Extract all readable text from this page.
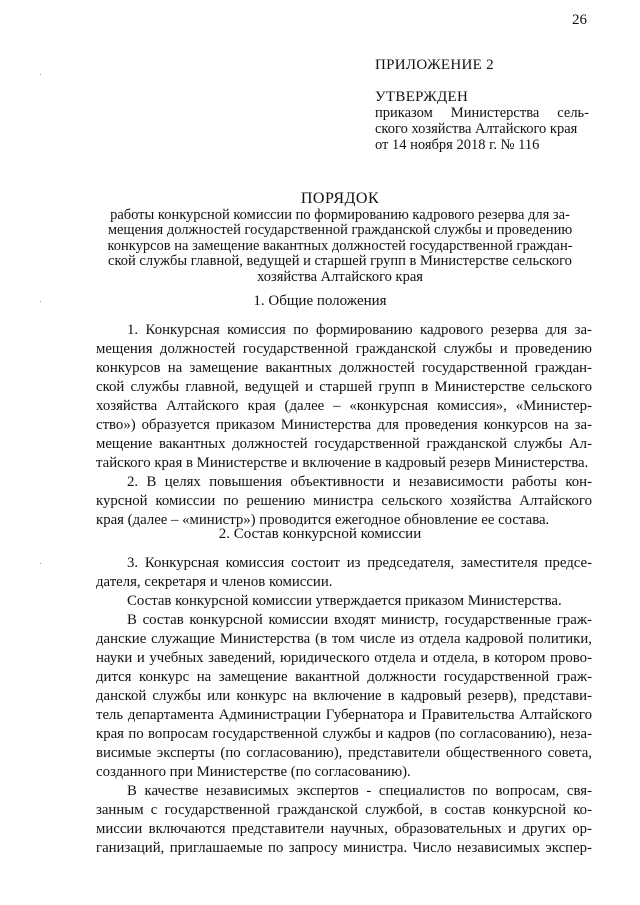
26
ПРИЛОЖЕНИЕ 2
УТВЕРЖДЕН
приказом Министерства сель-
ского хозяйства Алтайского края
от 14 ноября 2018 г. № 116
ПОРЯДОК
работы конкурсной комиссии по формированию кадрового резерва для за-
мещения должностей государственной гражданской службы и проведению
конкурсов на замещение вакантных должностей государственной граждан-
ской службы главной, ведущей и старшей групп в Министерстве сельского
хозяйства Алтайского края
1. Общие положения
1. Конкурсная комиссия по формированию кадрового резерва для за-
мещения должностей государственной гражданской службы и проведению
конкурсов на замещение вакантных должностей государственной граждан-
ской службы главной, ведущей и старшей групп в Министерстве сельского
хозяйства Алтайского края (далее – «конкурсная комиссия», «Министер-
ство») образуется приказом Министерства для проведения конкурсов на за-
мещение вакантных должностей государственной гражданской службы Ал-
тайского края в Министерстве и включение в кадровый резерв Министерства.
2. В целях повышения объективности и независимости работы кон-
курсной комиссии по решению министра сельского хозяйства Алтайского
края (далее – «министр») проводится ежегодное обновление ее состава.
2. Состав конкурсной комиссии
3. Конкурсная комиссия состоит из председателя, заместителя предсе-
дателя, секретаря и членов комиссии.
Состав конкурсной комиссии утверждается приказом Министерства.
В состав конкурсной комиссии входят министр, государственные граж-
данские служащие Министерства (в том числе из отдела кадровой политики,
науки и учебных заведений, юридического отдела и отдела, в котором прово-
дится конкурс на замещение вакантной должности государственной граж-
данской службы или конкурс на включение в кадровый резерв), представи-
тель департамента Администрации Губернатора и Правительства Алтайского
края по вопросам государственной службы и кадров (по согласованию), неза-
висимые эксперты (по согласованию), представители общественного совета,
созданного при Министерстве (по согласованию).
В качестве независимых экспертов - специалистов по вопросам, свя-
занным с государственной гражданской службой, в состав конкурсной ко-
миссии включаются представители научных, образовательных и других ор-
ганизаций, приглашаемые по запросу министра. Число независимых экспер-
